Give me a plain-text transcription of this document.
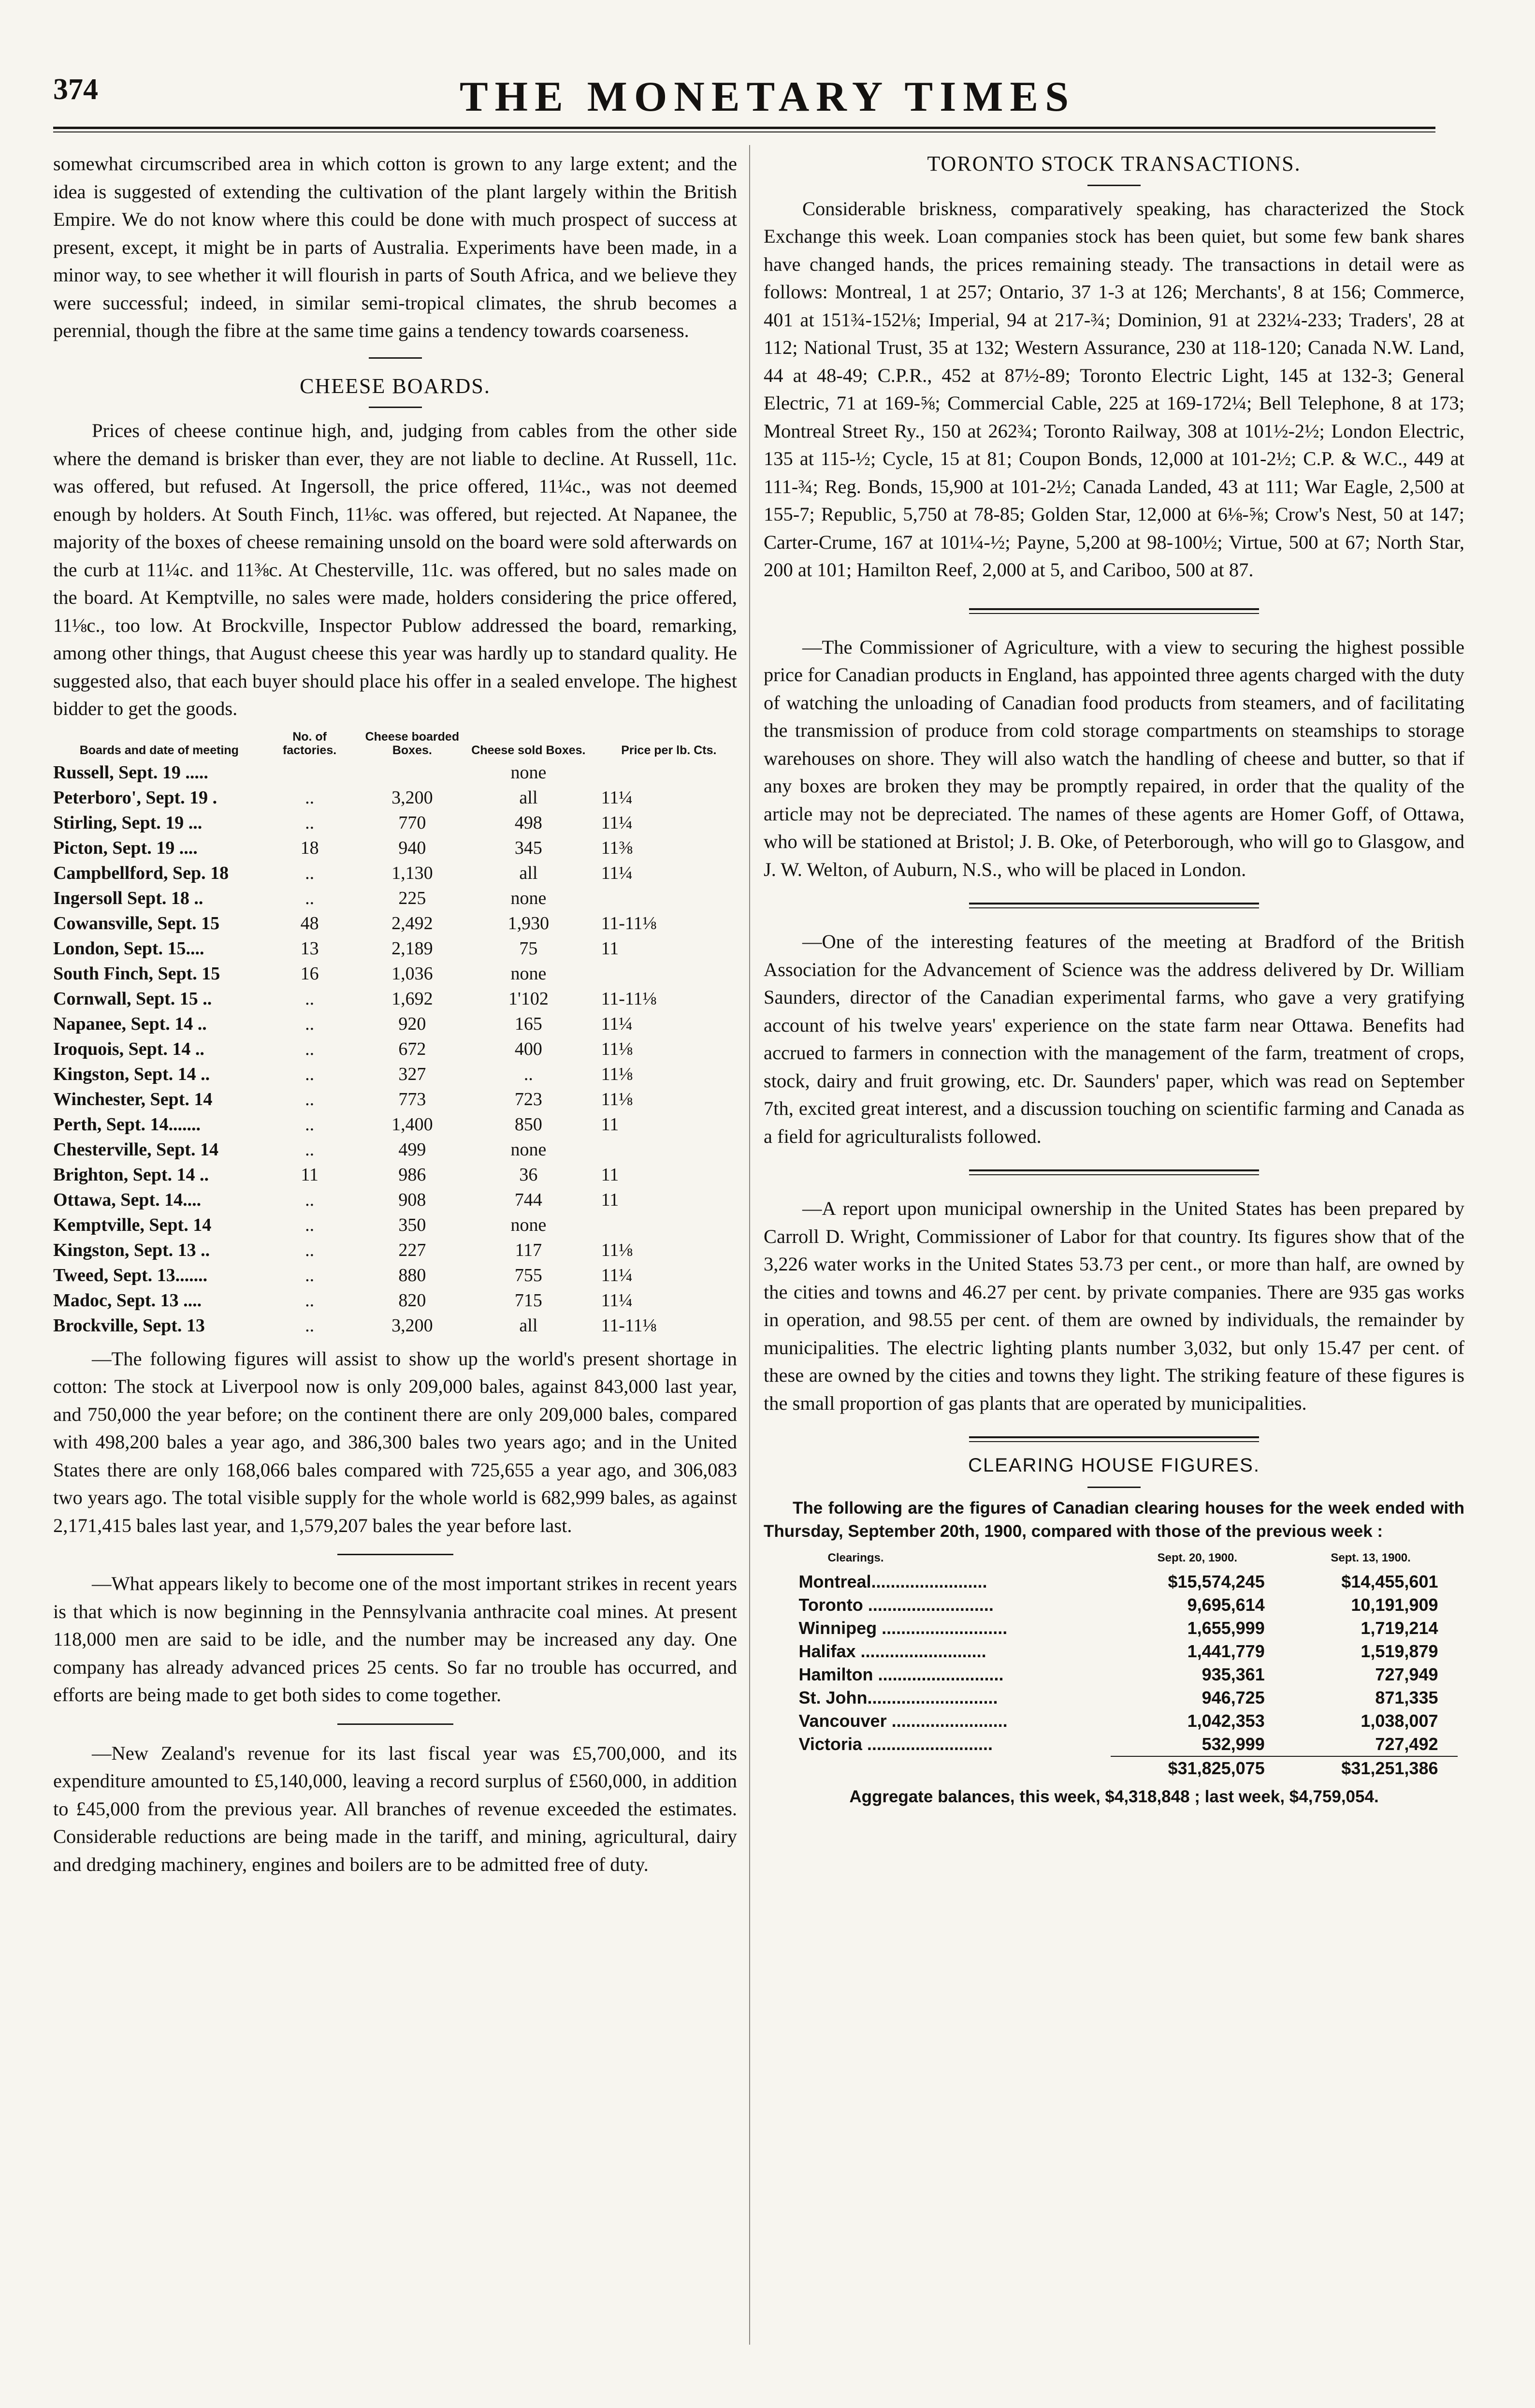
374	THE MONETARY TIMES

somewhat circumscribed area in which cotton is grown to any large extent; and the idea is suggested of extending the cultivation of the plant largely within the British Empire. We do not know where this could be done with much prospect of success at present, except, it might be in parts of Australia. Experiments have been made, in a minor way, to see whether it will flourish in parts of South Africa, and we believe they were successful; indeed, in similar semi-tropical climates, the shrub becomes a perennial, though the fibre at the same time gains a tendency towards coarseness.

CHEESE BOARDS.

Prices of cheese continue high, and, judging from cables from the other side where the demand is brisker than ever, they are not liable to decline. At Russell, 11c. was offered, but refused. At Ingersoll, the price offered, 11¼c., was not deemed enough by holders. At South Finch, 11⅛c. was offered, but rejected. At Napanee, the majority of the boxes of cheese remaining unsold on the board were sold afterwards on the curb at 11¼c. and 11⅜c. At Chesterville, 11c. was offered, but no sales made on the board. At Kemptville, no sales were made, holders considering the price offered, 11⅛c., too low. At Brockville, Inspector Publow addressed the board, remarking, among other things, that August cheese this year was hardly up to standard quality. He suggested also, that each buyer should place his offer in a sealed envelope. The highest bidder to get the goods.

Boards and date of meeting	No. of factories.	Cheese boarded Boxes.	Cheese sold Boxes.	Price per lb. Cts.
Russell, Sept. 19 .....			none	
Peterboro', Sept. 19 .	..	3,200	all	11¼
Stirling, Sept. 19 ...	..	770	498	11¼
Picton, Sept. 19 ....	18	940	345	11⅜
Campbellford, Sep. 18	..	1,130	all	11¼
Ingersoll Sept. 18 ..	..	225	none	
Cowansville, Sept. 15	48	2,492	1,930	11-11⅛
London, Sept. 15....	13	2,189	75	11
South Finch, Sept. 15	16	1,036	none	
Cornwall, Sept. 15 ..	..	1,692	1'102	11-11⅛
Napanee, Sept. 14 ..	..	920	165	11¼
Iroquois, Sept. 14 ..	..	672	400	11⅛
Kingston, Sept. 14 ..	..	327	..	11⅛
Winchester, Sept. 14	..	773	723	11⅛
Perth, Sept. 14.......	..	1,400	850	11
Chesterville, Sept. 14	..	499	none	
Brighton, Sept. 14 ..	11	986	36	11
Ottawa, Sept. 14....	..	908	744	11
Kemptville, Sept. 14	..	350	none	
Kingston, Sept. 13 ..	..	227	117	11⅛
Tweed, Sept. 13.......	..	880	755	11¼
Madoc, Sept. 13 ....	..	820	715	11¼
Brockville, Sept. 13	..	3,200	all	11-11⅛

—The following figures will assist to show up the world's present shortage in cotton: The stock at Liverpool now is only 209,000 bales, against 843,000 last year, and 750,000 the year before; on the continent there are only 209,000 bales, compared with 498,200 bales a year ago, and 386,300 bales two years ago; and in the United States there are only 168,066 bales compared with 725,655 a year ago, and 306,083 two years ago. The total visible supply for the whole world is 682,999 bales, as against 2,171,415 bales last year, and 1,579,207 bales the year before last.

—What appears likely to become one of the most important strikes in recent years is that which is now beginning in the Pennsylvania anthracite coal mines. At present 118,000 men are said to be idle, and the number may be increased any day. One company has already advanced prices 25 cents. So far no trouble has occurred, and efforts are being made to get both sides to come together.

—New Zealand's revenue for its last fiscal year was £5,700,000, and its expenditure amounted to £5,140,000, leaving a record surplus of £560,000, in addition to £45,000 from the previous year. All branches of revenue exceeded the estimates. Considerable reductions are being made in the tariff, and mining, agricultural, dairy and dredging machinery, engines and boilers are to be admitted free of duty.

TORONTO STOCK TRANSACTIONS.

Considerable briskness, comparatively speaking, has characterized the Stock Exchange this week. Loan companies stock has been quiet, but some few bank shares have changed hands, the prices remaining steady. The transactions in detail were as follows: Montreal, 1 at 257; Ontario, 37 1-3 at 126; Merchants', 8 at 156; Commerce, 401 at 151¾-152⅛; Imperial, 94 at 217-¾; Dominion, 91 at 232¼-233; Traders', 28 at 112; National Trust, 35 at 132; Western Assurance, 230 at 118-120; Canada N.W. Land, 44 at 48-49; C.P.R., 452 at 87½-89; Toronto Electric Light, 145 at 132-3; General Electric, 71 at 169-⅝; Commercial Cable, 225 at 169-172¼; Bell Telephone, 8 at 173; Montreal Street Ry., 150 at 262¾; Toronto Railway, 308 at 101½-2½; London Electric, 135 at 115-½; Cycle, 15 at 81; Coupon Bonds, 12,000 at 101-2½; C.P. & W.C., 449 at 111-¾; Reg. Bonds, 15,900 at 101-2½; Canada Landed, 43 at 111; War Eagle, 2,500 at 155-7; Republic, 5,750 at 78-85; Golden Star, 12,000 at 6⅛-⅝; Crow's Nest, 50 at 147; Carter-Crume, 167 at 101¼-½; Payne, 5,200 at 98-100½; Virtue, 500 at 67; North Star, 200 at 101; Hamilton Reef, 2,000 at 5, and Cariboo, 500 at 87.

—The Commissioner of Agriculture, with a view to securing the highest possible price for Canadian products in England, has appointed three agents charged with the duty of watching the unloading of Canadian food products from steamers, and of facilitating the transmission of produce from cold storage compartments on steamships to storage warehouses on shore. They will also watch the handling of cheese and butter, so that if any boxes are broken they may be promptly repaired, in order that the quality of the article may not be depreciated. The names of these agents are Homer Goff, of Ottawa, who will be stationed at Bristol; J. B. Oke, of Peterborough, who will go to Glasgow, and J. W. Welton, of Auburn, N.S., who will be placed in London.

—One of the interesting features of the meeting at Bradford of the British Association for the Advancement of Science was the address delivered by Dr. William Saunders, director of the Canadian experimental farms, who gave a very gratifying account of his twelve years' experience on the state farm near Ottawa. Benefits had accrued to farmers in connection with the management of the farm, treatment of crops, stock, dairy and fruit growing, etc. Dr. Saunders' paper, which was read on September 7th, excited great interest, and a discussion touching on scientific farming and Canada as a field for agriculturalists followed.

—A report upon municipal ownership in the United States has been prepared by Carroll D. Wright, Commissioner of Labor for that country. Its figures show that of the 3,226 water works in the United States 53.73 per cent., or more than half, are owned by the cities and towns and 46.27 per cent. by private companies. There are 935 gas works in operation, and 98.55 per cent. of them are owned by individuals, the remainder by municipalities. The electric lighting plants number 3,032, but only 15.47 per cent. of these are owned by the cities and towns they light. The striking feature of these figures is the small proportion of gas plants that are operated by municipalities.

CLEARING HOUSE FIGURES.

The following are the figures of Canadian clearing houses for the week ended with Thursday, September 20th, 1900, compared with those of the previous week :

Clearings.	Sept. 20, 1900.	Sept. 13, 1900.
Montreal........................	$15,574,245	$14,455,601
Toronto ..........................	9,695,614	10,191,909
Winnipeg ..........................	1,655,999	1,719,214
Halifax ..........................	1,441,779	1,519,879
Hamilton ..........................	935,361	727,949
St. John...........................	946,725	871,335
Vancouver ........................	1,042,353	1,038,007
Victoria ..........................	532,999	727,492
	$31,825,075	$31,251,386
Aggregate balances, this week, $4,318,848 ; last week, $4,759,054.
